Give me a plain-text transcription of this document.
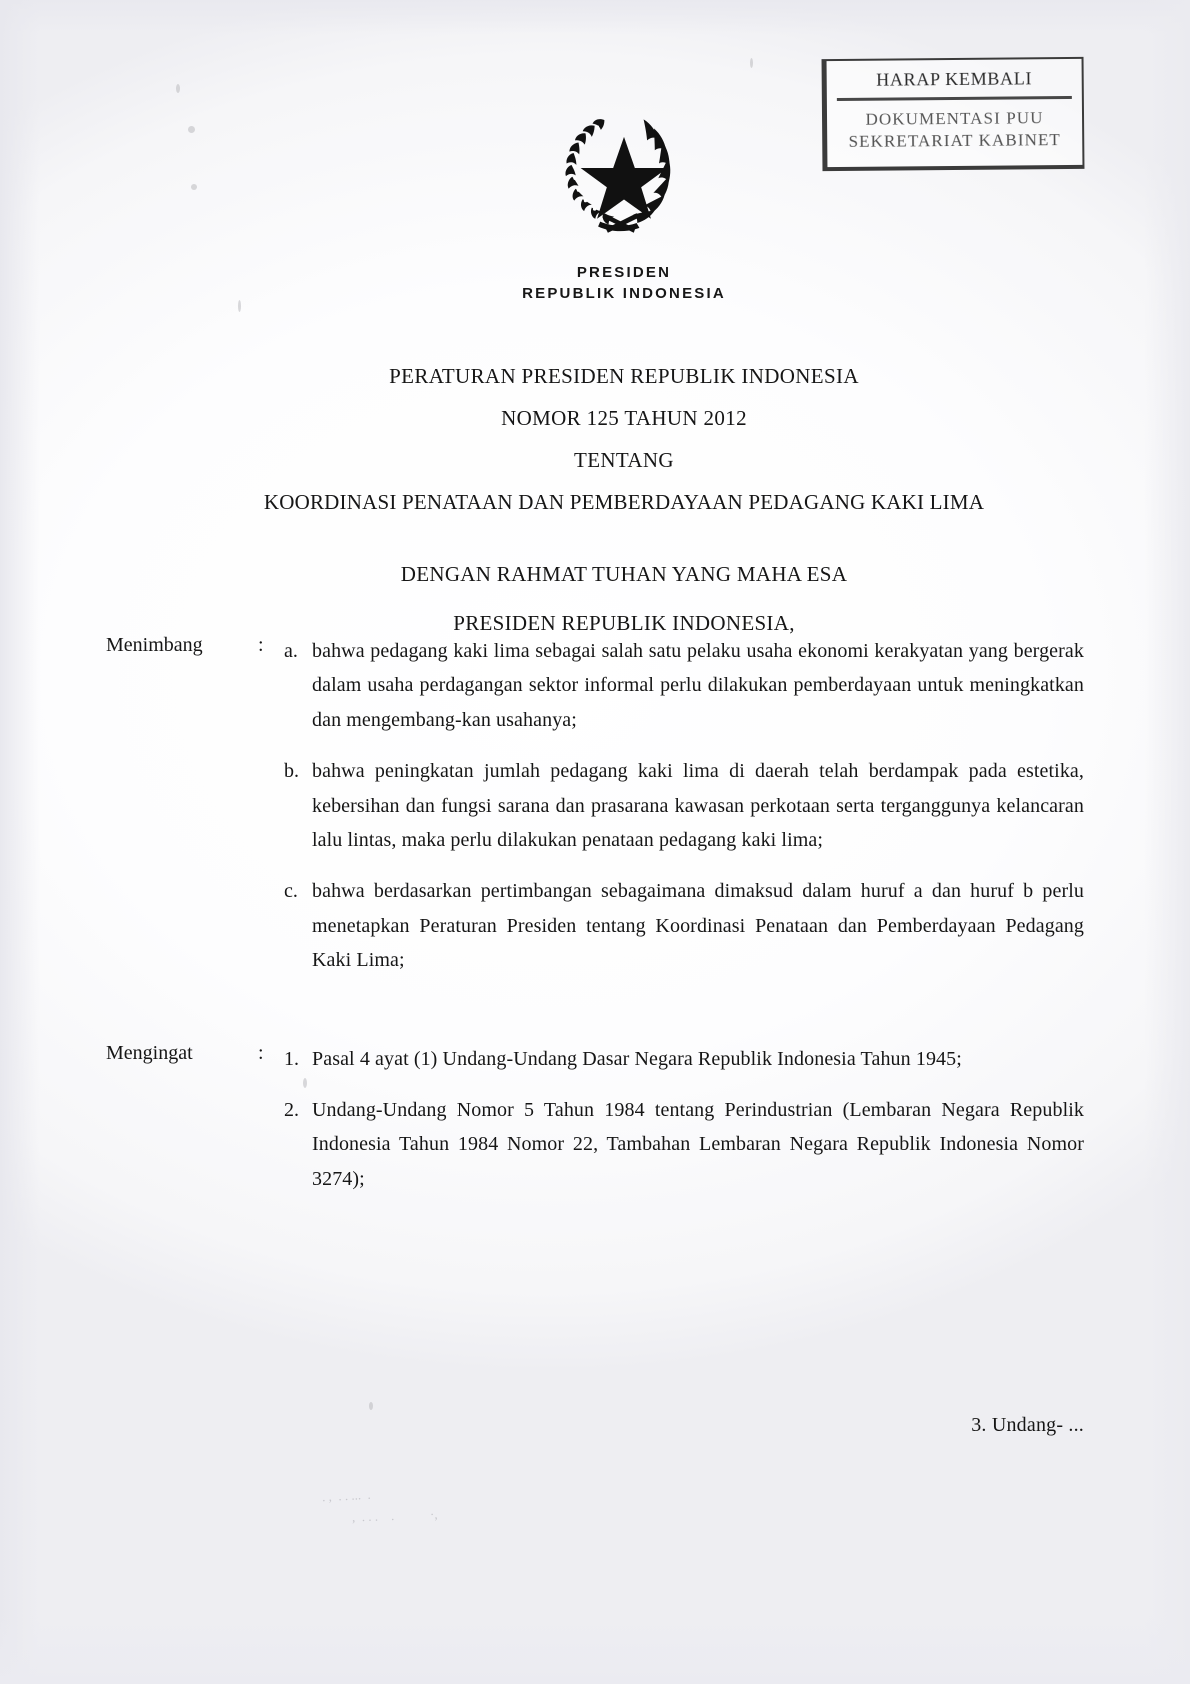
. ,  . . ...  .
,  . . .    .           ·,
HARAP KEMBALI
DOKUMENTASI PUU
SEKRETARIAT KABINET
PRESIDEN
REPUBLIK INDONESIA
PERATURAN PRESIDEN REPUBLIK INDONESIA
NOMOR 125 TAHUN 2012
TENTANG
KOORDINASI PENATAAN DAN PEMBERDAYAAN PEDAGANG KAKI LIMA
DENGAN RAHMAT TUHAN YANG MAHA ESA
PRESIDEN REPUBLIK INDONESIA,
Menimbang	:	a. bahwa pedagang kaki lima sebagai salah satu pelaku usaha ekonomi kerakyatan yang bergerak dalam usaha perdagangan sektor informal perlu dilakukan pemberdayaan untuk meningkatkan dan mengembang-kan usahanya;
b. bahwa peningkatan jumlah pedagang kaki lima di daerah telah berdampak pada estetika, kebersihan dan fungsi sarana dan prasarana kawasan perkotaan serta terganggunya kelancaran lalu lintas, maka perlu dilakukan penataan pedagang kaki lima;
c. bahwa berdasarkan pertimbangan sebagaimana dimaksud dalam huruf a dan huruf b perlu menetapkan Peraturan Presiden tentang Koordinasi Penataan dan Pemberdayaan Pedagang Kaki Lima;
Mengingat	:	1. Pasal 4 ayat (1) Undang-Undang Dasar Negara Republik Indonesia Tahun 1945;
2. Undang-Undang Nomor 5 Tahun 1984 tentang Perindustrian (Lembaran Negara Republik Indonesia Tahun 1984 Nomor 22, Tambahan Lembaran Negara Republik Indonesia Nomor 3274);
3. Undang- ...
